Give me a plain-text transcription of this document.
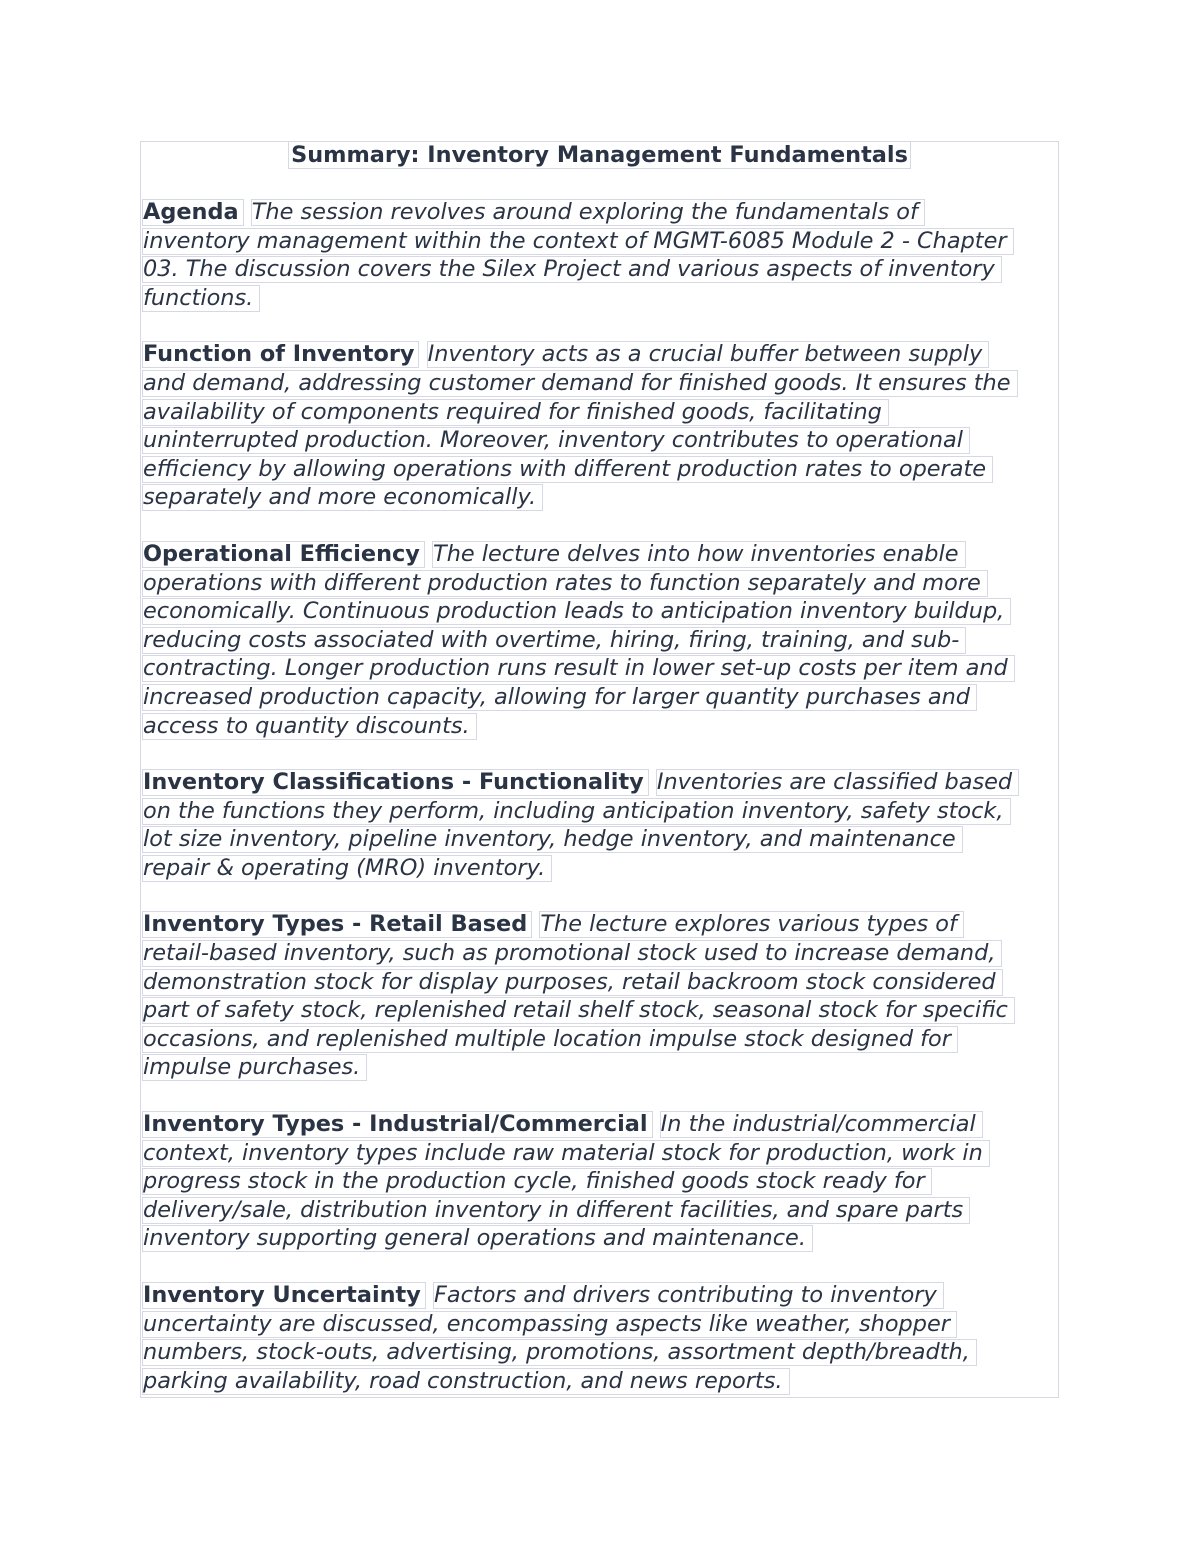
Summary: Inventory Management Fundamentals
Agenda The session revolves around exploring the fundamentals of
inventory management within the context of MGMT-6085 Module 2 - Chapter
03. The discussion covers the Silex Project and various aspects of inventory
functions.
Function of Inventory Inventory acts as a crucial buffer between supply
and demand, addressing customer demand for finished goods. It ensures the
availability of components required for finished goods, facilitating
uninterrupted production. Moreover, inventory contributes to operational
efficiency by allowing operations with different production rates to operate
separately and more economically.
Operational Efficiency The lecture delves into how inventories enable
operations with different production rates to function separately and more
economically. Continuous production leads to anticipation inventory buildup,
reducing costs associated with overtime, hiring, firing, training, and sub-
contracting. Longer production runs result in lower set-up costs per item and
increased production capacity, allowing for larger quantity purchases and
access to quantity discounts.
Inventory Classifications - Functionality Inventories are classified based
on the functions they perform, including anticipation inventory, safety stock,
lot size inventory, pipeline inventory, hedge inventory, and maintenance
repair & operating (MRO) inventory.
Inventory Types - Retail Based The lecture explores various types of
retail-based inventory, such as promotional stock used to increase demand,
demonstration stock for display purposes, retail backroom stock considered
part of safety stock, replenished retail shelf stock, seasonal stock for specific
occasions, and replenished multiple location impulse stock designed for
impulse purchases.
Inventory Types - Industrial/Commercial In the industrial/commercial
context, inventory types include raw material stock for production, work in
progress stock in the production cycle, finished goods stock ready for
delivery/sale, distribution inventory in different facilities, and spare parts
inventory supporting general operations and maintenance.
Inventory Uncertainty Factors and drivers contributing to inventory
uncertainty are discussed, encompassing aspects like weather, shopper
numbers, stock-outs, advertising, promotions, assortment depth/breadth,
parking availability, road construction, and news reports.
